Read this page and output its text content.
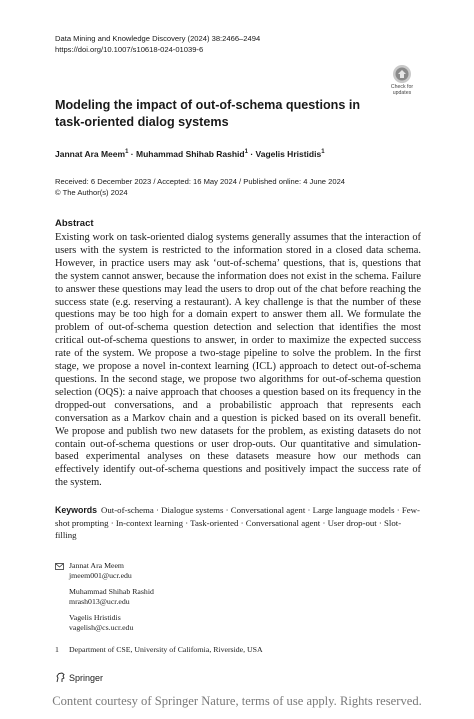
Data Mining and Knowledge Discovery (2024) 38:2466–2494
https://doi.org/10.1007/s10618-024-01039-6
Check for
updates
Modeling the impact of out-of-schema questions in task-oriented dialog systems
Jannat Ara Meem$^1$ · Muhammad Shihab Rashid$^1$ · Vagelis Hristidis$^1$
Received: 6 December 2023 / Accepted: 16 May 2024 / Published online: 4 June 2024
© The Author(s) 2024
Abstract
Existing work on task-oriented dialog systems generally assumes that the interaction of users with the system is restricted to the information stored in a closed data schema. However, in practice users may ask ‘out-of-schema’ questions, that is, questions that the system cannot answer, because the information does not exist in the schema. Failure to answer these questions may lead the users to drop out of the chat before reaching the success state (e.g. reserving a restaurant). A key challenge is that the number of these questions may be too high for a domain expert to answer them all. We formulate the problem of out-of-schema question detection and selection that identifies the most critical out-of-schema questions to answer, in order to maximize the expected success rate of the system. We propose a two-stage pipeline to solve the problem. In the first stage, we propose a novel in-context learning (ICL) approach to detect out-of-schema questions. In the second stage, we propose two algorithms for out-of-schema question selection (OQS): a naive approach that chooses a question based on its frequency in the dropped-out conversations, and a probabilistic approach that represents each conversation as a Markov chain and a question is picked based on its overall benefit. We propose and publish two new datasets for the problem, as existing datasets do not contain out-of-schema questions or user drop-outs. Our quantitative and simulation-based experimental analyses on these datasets measure how our methods can effectively identify out-of-schema questions and positively impact the success rate of the system.
Keywords Out-of-schema · Dialogue systems · Conversational agent · Large language models · Few-shot prompting · In-context learning · Task-oriented · Conversational agent · User drop-out · Slot-filling
Jannat Ara Meem
jmeem001@ucr.edu
Muhammad Shihab Rashid
mrash013@ucr.edu
Vagelis Hristidis
vagelish@cs.ucr.edu
1 Department of CSE, University of California, Riverside, USA
Springer
Content courtesy of Springer Nature, terms of use apply. Rights reserved.
